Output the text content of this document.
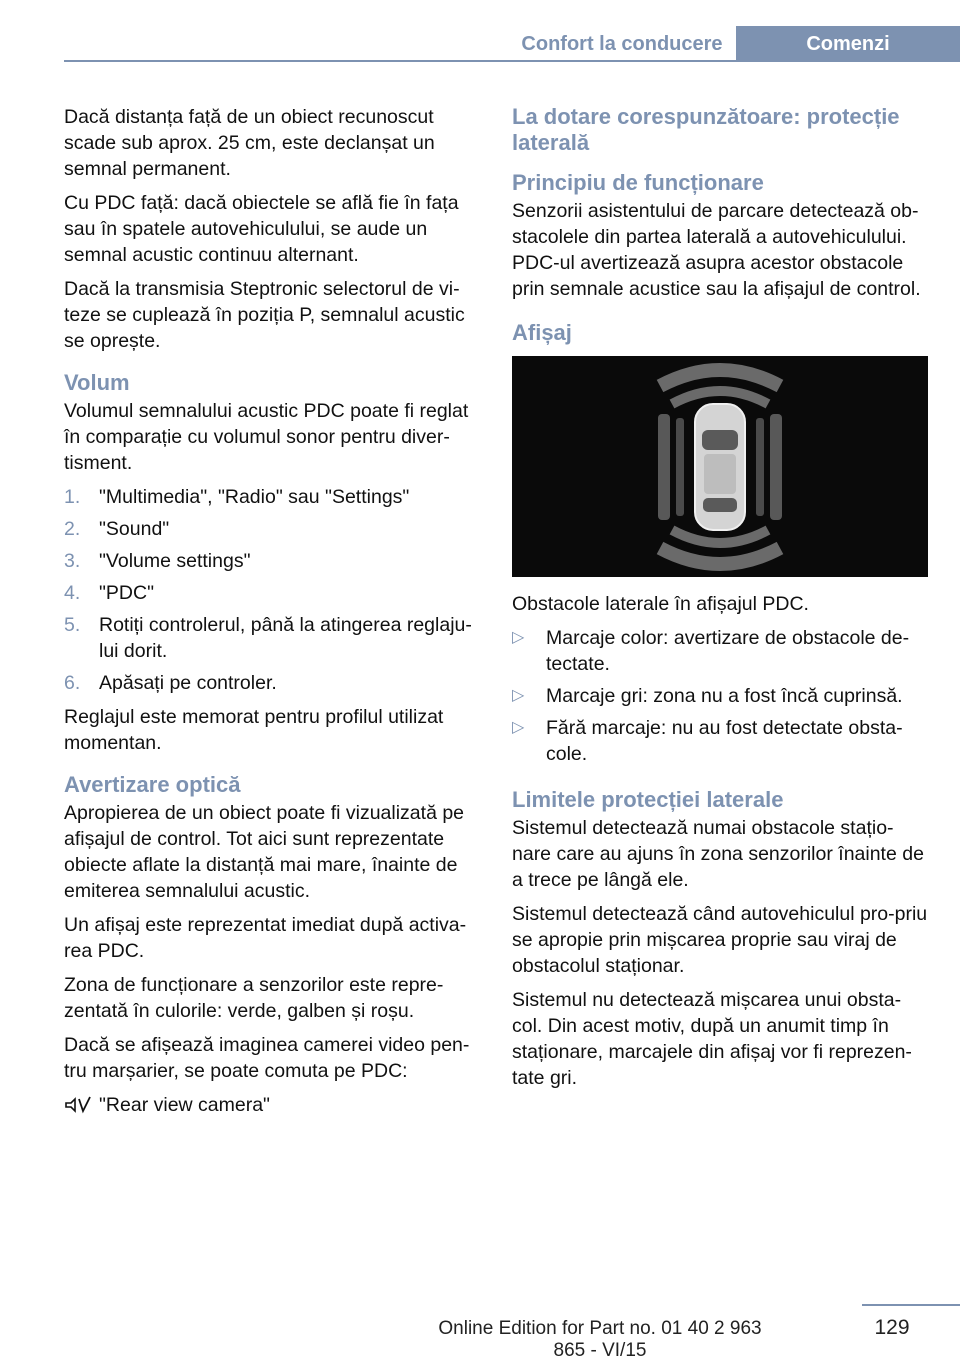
Confort la conducere	Comenzi

Dacă distanța față de un obiect recunoscut scade sub aprox. 25 cm, este declanșat un semnal permanent.

Cu PDC față: dacă obiectele se află fie în fața sau în spatele autovehiculului, se aude un semnal acustic continuu alternant.

Dacă la transmisia Steptronic selectorul de vi‐teze se cuplează în poziția P, semnalul acustic se oprește.

Volum

Volumul semnalului acustic PDC poate fi reglat în comparație cu volumul sonor pentru diver‐tisment.

1. "Multimedia", "Radio" sau "Settings"
2. "Sound"
3. "Volume settings"
4. "PDC"
5. Rotiți controlerul, până la atingerea reglaju‐lui dorit.
6. Apăsați pe controler.

Reglajul este memorat pentru profilul utilizat momentan.

Avertizare optică

Apropierea de un obiect poate fi vizualizată pe afișajul de control. Tot aici sunt reprezentate obiecte aflate la distanță mai mare, înainte de emiterea semnalului acustic.

Un afișaj este reprezentat imediat după activa‐rea PDC.

Zona de funcționare a senzorilor este repre‐zentată în culorile: verde, galben și roșu.

Dacă se afișează imaginea camerei video pen‐tru marșarier, se poate comuta pe PDC:

"Rear view camera"
La dotare corespunzătoare: protecție laterală
Principiu de funcționare

Senzorii asistentului de parcare detectează ob‐stacolele din partea laterală a autovehiculului. PDC-ul avertizează asupra acestor obstacole prin semnale acustice sau la afișajul de control.

Afișaj

Obstacole laterale în afișajul PDC.

▷ Marcaje color: avertizare de obstacole de‐tectate.
▷ Marcaje gri: zona nu a fost încă cuprinsă.
▷ Fără marcaje: nu au fost detectate obsta‐cole.
Limitele protecției laterale

Sistemul detectează numai obstacole stațio‐nare care au ajuns în zona senzorilor înainte de a trece pe lângă ele.

Sistemul detectează când autovehiculul pro‐priu se apropie prin mișcarea proprie sau viraj de obstacolul staționar.

Sistemul nu detectează mișcarea unui obsta‐col. Din acest motiv, după un anumit timp în staționare, marcajele din afișaj vor fi reprezen‐tate gri.

129
Online Edition for Part no. 01 40 2 963 865 - VI/15
